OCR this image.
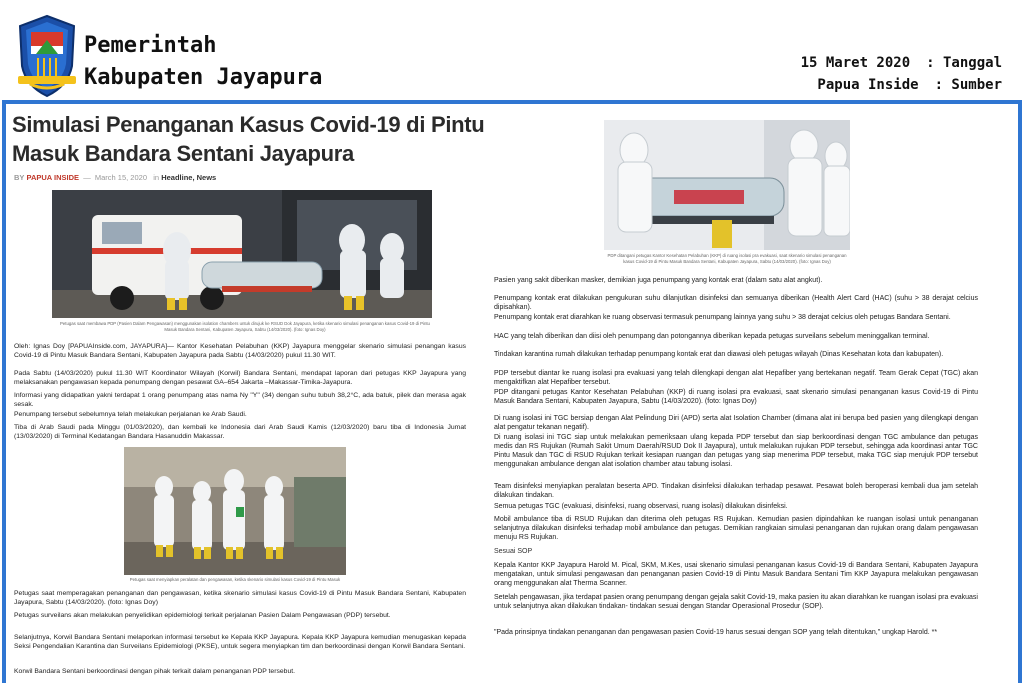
Pemerintah
Kabupaten Jayapura
15 Maret 2020 : Tanggal
Papua Inside : Sumber
Simulasi Penanganan Kasus Covid-19 di Pintu Masuk Bandara Sentani Jayapura
BY PAPUA INSIDE  —  March 15, 2020 in Headline, News
Petugas saat membawa PDP (Pasien Dalam Pengawasan) menggunakan isolation chambers untuk dirujuk ke RSUD Dok Jayapura, ketika skenario simulasi penanganan kasus Covid-19 di Pintu Masuk Bandara Sentani, Kabupaten Jayapura, Sabtu (14/03/2020). (foto: Ignas Doy)
Oleh: Ignas Doy [PAPUAInside.com, JAYAPURA]— Kantor Kesehatan Pelabuhan (KKP) Jayapura menggelar skenario simulasi penangan kasus Covid-19 di Pintu Masuk Bandara Sentani, Kabupaten Jayapura pada Sabtu (14/03/2020) pukul 11.30 WIT.
Pada Sabtu (14/03/2020) pukul 11.30 WIT Koordinator Wilayah (Korwil) Bandara Sentani, mendapat laporan dari petugas KKP Jayapura yang melaksanakan pengawasan kepada penumpang dengan pesawat GA–654 Jakarta –Makassar-Timika-Jayapura.
Informasi yang didapatkan yakni terdapat 1 orang penumpang atas nama Ny "Y" (34) dengan suhu tubuh 38,2°C, ada batuk, pilek dan merasa agak sesak.
Penumpang tersebut sebelumnya telah melakukan perjalanan ke Arab Saudi.
Tiba di Arab Saudi pada Minggu (01/03/2020), dan kembali ke Indonesia dari Arab Saudi Kamis (12/03/2020) baru tiba di Indonesia Jumat (13/03/2020) di Terminal Kedatangan Bandara Hasanuddin Makassar.
Petugas saat menyiapkan peralatan dan pengawasan, ketika skenario simulasi kasus Covid-19 di Pintu Masuk
Petugas saat memperagakan penanganan dan pengawasan, ketika skenario simulasi kasus Covid-19 di Pintu Masuk Bandara Sentani, Kabupaten Jayapura, Sabtu (14/03/2020). (foto: Ignas Doy)
Petugas surveilans akan melakukan penyelidikan epidemiologi terkait perjalanan Pasien Dalam Pengawasan (PDP) tersebut.
Selanjutnya, Korwil Bandara Sentani melaporkan informasi tersebut ke Kepala KKP Jayapura. Kepala KKP Jayapura kemudian menugaskan kepada Seksi Pengendalian Karantina dan Surveilans Epidemiologi (PKSE), untuk segera menyiapkan tim dan berkoordinasi dengan Korwil Bandara Sentani.
Korwil Bandara Sentani berkoordinasi dengan pihak terkait dalam penanganan PDP tersebut.
PDP ditangani petugas Kantor Kesehatan Pelabuhan (KKP) di ruang isolasi pra evakuasi, saat skenario simulasi penanganan kasus Covid-19 di Pintu Masuk Bandara Sentani, Kabupaten Jayapura, Sabtu (14/03/2020). (foto: Ignas Doy)
Pasien yang sakit diberikan masker, demikian juga penumpang yang kontak erat (dalam satu alat angkut).
Penumpang kontak erat dilakukan pengukuran suhu dilanjutkan disinfeksi dan semuanya diberikan (Health Alert Card (HAC) (suhu > 38 derajat celcius dipisahkan).
Penumpang kontak erat diarahkan ke ruang observasi termasuk penumpang lainnya yang suhu > 38 derajat celcius oleh petugas Bandara Sentani.
HAC yang telah diberikan dan diisi oleh penumpang dan potongannya diberikan kepada petugas surveilans sebelum meninggalkan terminal.
Tindakan karantina rumah dilakukan terhadap penumpang kontak erat dan diawasi oleh petugas wilayah (Dinas Kesehatan kota dan kabupaten).
PDP tersebut diantar ke ruang isolasi pra evakuasi yang telah dilengkapi dengan alat Hepafiber yang bertekanan negatif. Team Gerak Cepat (TGC) akan mengaktifkan alat Hepafiber tersebut.
PDP ditangani petugas Kantor Kesehatan Pelabuhan (KKP) di ruang isolasi pra evakuasi, saat skenario simulasi penanganan kasus Covid-19 di Pintu Masuk Bandara Sentani, Kabupaten Jayapura, Sabtu (14/03/2020). (foto: Ignas Doy)
Di ruang isolasi ini TGC bersiap dengan Alat Pelindung Diri (APD) serta alat Isolation Chamber (dimana alat ini berupa bed pasien yang dilengkapi dengan alat pengatur tekanan negatif).
Di ruang isolasi ini TGC siap untuk melakukan pemeriksaan ulang kepada PDP tersebut dan siap berkoordinasi dengan TGC ambulance dan petugas medis dan RS Rujukan (Rumah Sakit Umum Daerah/RSUD Dok II Jayapura), untuk melakukan rujukan PDP tersebut, sehingga ada koordinasi antar TGC Pintu Masuk dan TGC di RSUD Rujukan terkait kesiapan ruangan dan petugas yang siap menerima PDP tersebut, maka TGC siap merujuk PDP tersebut menggunakan ambulance dengan alat isolation chamber atau tabung isolasi.
Team disinfeksi menyiapkan peralatan beserta APD. Tindakan disinfeksi dilakukan terhadap pesawat. Pesawat boleh beroperasi kembali dua jam setelah dilakukan tindakan.
Semua petugas TGC (evakuasi, disinfeksi, ruang observasi, ruang isolasi) dilakukan disinfeksi.
Mobil ambulance tiba di RSUD Rujukan dan diterima oleh petugas RS Rujukan. Kemudian pasien dipindahkan ke ruangan isolasi untuk penanganan selanjutnya dilakukan disinfeksi terhadap mobil ambulance dan petugas. Demikian rangkaian simulasi penanganan dan rujukan orang dalam pengawasan menuju RS Rujukan.
Sesuai SOP
Kepala Kantor KKP Jayapura Harold M. Pical, SKM, M.Kes, usai skenario simulasi penanganan kasus Covid-19 di Bandara Sentani, Kabupaten Jayapura mengatakan, untuk simulasi pengawasan dan penanganan pasien Covid-19 di Pintu Masuk Bandara Sentani Tim KKP Jayapura melakukan pengawasan orang menggunakan alat Therma Scanner.
Setelah pengawasan, jika terdapat pasien orang penumpang dengan gejala sakit Covid-19, maka pasien itu akan diarahkan ke ruangan isolasi pra evakuasi untuk selanjutnya akan dilakukan tindakan- tindakan sesuai dengan Standar Operasional Prosedur (SOP).
"Pada prinsipnya tindakan penanganan dan pengawasan pasien Covid-19 harus sesuai dengan SOP yang telah ditentukan," ungkap Harold. **
